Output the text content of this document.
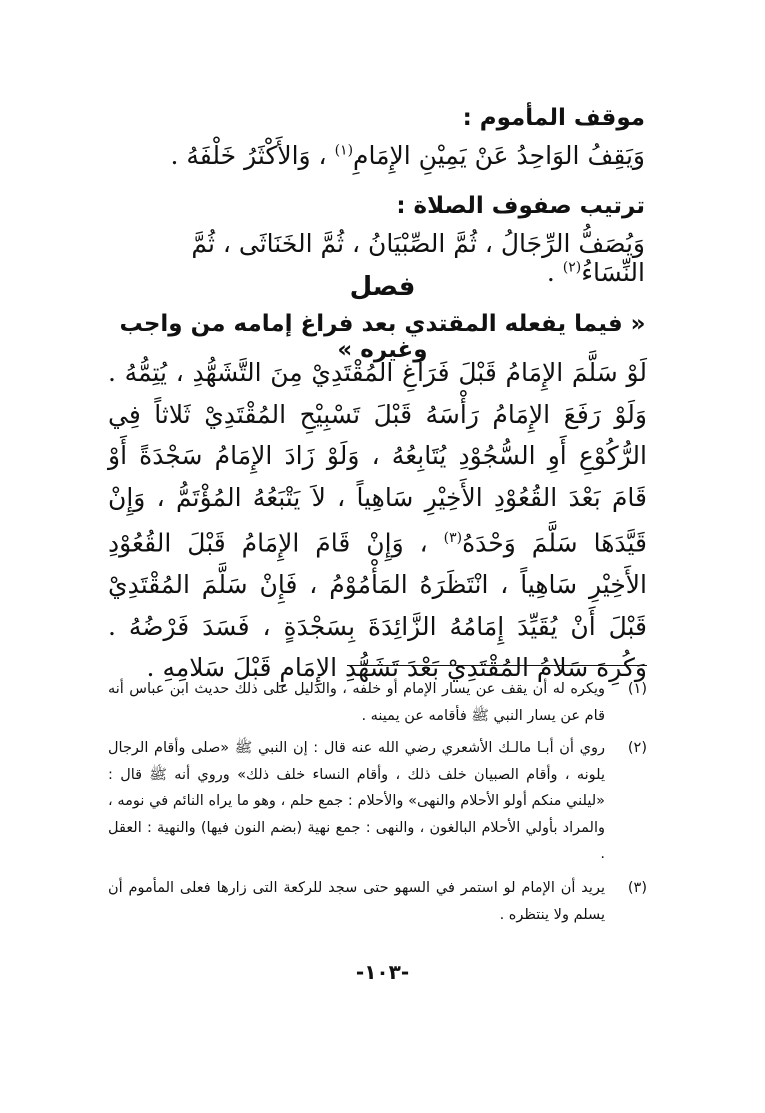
موقف المأموم :
وَيَقِفُ الوَاحِدُ عَنْ يَمِيْنِ الإِمَامِ$^{(١)}$ ، وَالأَكْثَرُ خَلْفَهُ .
ترتيب صفوف الصلاة :
وَيُصَفُّ الرِّجَالُ ، ثُمَّ الصِّبْيَانُ ، ثُمَّ الخَنَاثَى ، ثُمَّ النِّسَاءُ$^{(٢)}$ .
فصل
« فيما يفعله المقتدي بعد فراغ إمامه من واجب وغيره »
لَوْ سَلَّمَ الإِمَامُ قَبْلَ فَرَاغِ المُقْتَدِيْ مِنَ التَّشَهُّدِ ، يُتِمُّهُ . وَلَوْ رَفَعَ الإِمَامُ رَأْسَهُ قَبْلَ تَسْبِيْحِ المُقْتَدِيْ ثَلاثاً فِي الرُّكُوْعِ أَوِ السُّجُوْدِ يُتَابِعُهُ ، وَلَوْ زَادَ الإِمَامُ سَجْدَةً أَوْ قَامَ بَعْدَ القُعُوْدِ الأَخِيْرِ سَاهِياً ، لاَ يَتْبَعُهُ المُؤْتَمُّ ، وَإِنْ قَيَّدَهَا سَلَّمَ وَحْدَهُ$^{(٣)}$ ، وَإِنْ قَامَ الإِمَامُ قَبْلَ القُعُوْدِ الأَخِيْرِ سَاهِياً ، انْتَظَرَهُ المَأْمُوْمُ ، فَإِنْ سَلَّمَ المُقْتَدِيْ قَبْلَ أَنْ يُقَيِّدَ إِمَامُهُ الزَّائِدَةَ بِسَجْدَةٍ ، فَسَدَ فَرْضُهُ . وَكُرِهَ سَلامُ المُقْتَدِيْ بَعْدَ تَشَهُّدِ الإِمَامِ قَبْلَ سَلامِهِ .
(١)
ويكره له أن يقف عن يسار الإمام أو خلفه ، والدليل على ذلك حديث ابن عباس أنه قام عن يسار النبي ﷺ فأقامه عن يمينه .
(٢)
روي أن أبـا مالـك الأشعري رضي الله عنه قال : إن النبي ﷺ «صلى وأقام الرجال يلونه ، وأقام الصبيان خلف ذلك ، وأقام النساء خلف ذلك» وروي أنه ﷺ قال : «ليلني منكم أولو الأحلام والنهى» والأحلام : جمع حلم ، وهو ما يراه النائم في نومه ، والمراد بأولي الأحلام البالغون ، والنهى : جمع نهية (بضم النون فيها) والنهية : العقل .
(٣)
يريد أن الإمام لو استمر في السهو حتى سجد للركعة التى زارها فعلى المأموم أن يسلم ولا ينتظره .
-١٠٣-
